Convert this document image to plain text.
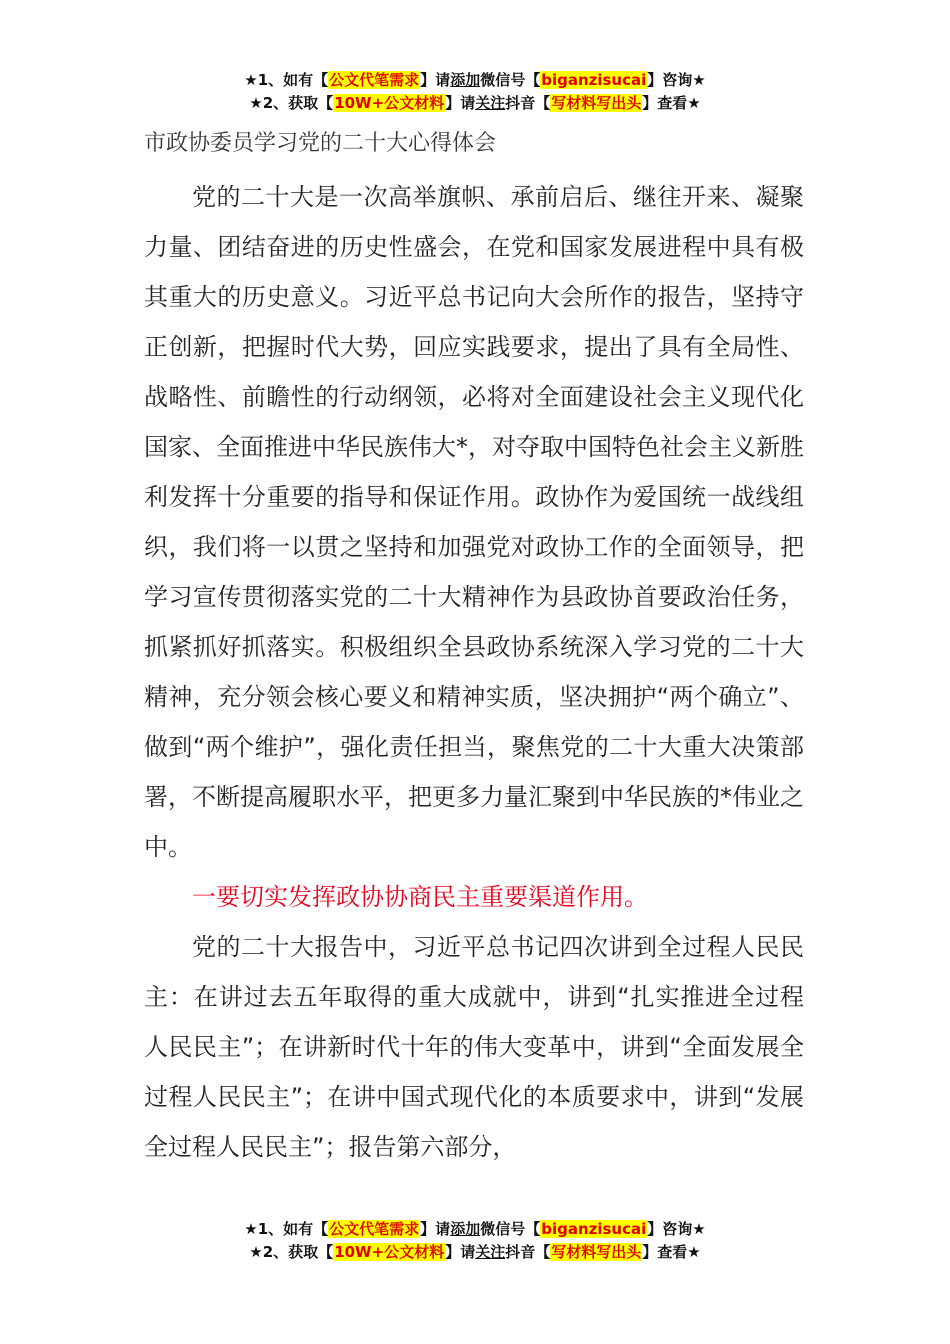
★1、如有【公文代笔需求】请添加微信号【biganzisucai】咨询★
★2、获取【10W+公文材料】请关注抖音【写材料写出头】查看★

市政协委员学习党的二十大心得体会

党的二十大是一次高举旗帜、承前启后、继往开来、凝聚力量、团结奋进的历史性盛会，在党和国家发展进程中具有极其重大的历史意义。习近平总书记向大会所作的报告，坚持守正创新，把握时代大势，回应实践要求，提出了具有全局性、战略性、前瞻性的行动纲领，必将对全面建设社会主义现代化国家、全面推进中华民族伟大*，对夺取中国特色社会主义新胜利发挥十分重要的指导和保证作用。政协作为爱国统一战线组织，我们将一以贯之坚持和加强党对政协工作的全面领导，把学习宣传贯彻落实党的二十大精神作为县政协首要政治任务，抓紧抓好抓落实。积极组织全县政协系统深入学习党的二十大精神，充分领会核心要义和精神实质，坚决拥护“两个确立”、做到“两个维护”，强化责任担当，聚焦党的二十大重大决策部署，不断提高履职水平，把更多力量汇聚到中华民族的*伟业之中。

一要切实发挥政协协商民主重要渠道作用。

党的二十大报告中，习近平总书记四次讲到全过程人民民主：在讲过去五年取得的重大成就中，讲到“扎实推进全过程人民民主”；在讲新时代十年的伟大变革中，讲到“全面发展全过程人民民主”；在讲中国式现代化的本质要求中，讲到“发展全过程人民民主”；报告第六部分，

★1、如有【公文代笔需求】请添加微信号【biganzisucai】咨询★
★2、获取【10W+公文材料】请关注抖音【写材料写出头】查看★
